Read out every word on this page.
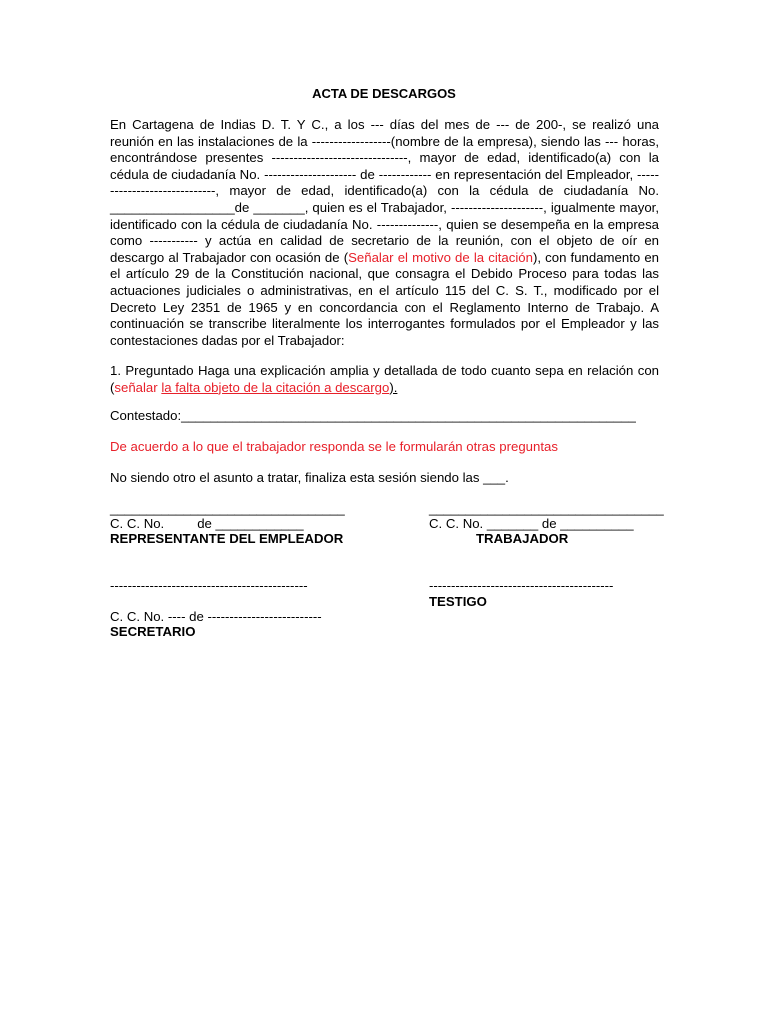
ACTA DE DESCARGOS
En Cartagena de Indias D. T. Y C., a los --- días del mes de --- de 200-, se realizó una reunión en las instalaciones de la ------------------(nombre de la empresa), siendo las --- horas, encontrándose presentes -------------------------------, mayor de edad, identificado(a) con la cédula de ciudadanía No. --------------------- de ------------ en representación del Empleador, -----------------------------, mayor de edad, identificado(a) con la cédula de ciudadanía No. _________________de _______, quien es el Trabajador, ---------------------, igualmente mayor, identificado con la cédula de ciudadanía No. --------------, quien se desempeña en la empresa como ----------- y actúa en calidad de secretario de la reunión, con el objeto de oír en descargo al Trabajador con ocasión de (Señalar el motivo de la citación), con fundamento en el artículo 29 de la Constitución nacional, que consagra el Debido Proceso para todas las actuaciones judiciales o administrativas, en el artículo 115 del C. S. T., modificado por el Decreto Ley 2351 de 1965 y en concordancia con el Reglamento Interno de Trabajo. A continuación se transcribe literalmente los interrogantes formulados por el Empleador y las contestaciones dadas por el Trabajador:
1. Preguntado Haga una explicación amplia y detallada de todo cuanto sepa en relación con (señalar la falta objeto de la citación a descargo).
Contestado:______________________________________________________________
De acuerdo a lo que el trabajador responda se le formularán otras preguntas
No siendo otro el asunto a tratar, finaliza esta sesión siendo las ___.
________________________________
C. C. No.         de ____________
REPRESENTANTE DEL EMPLEADOR
________________________________
C. C. No. _______ de __________
TRABAJADOR
---------------------------------------------
C. C. No. ---- de --------------------------
SECRETARIO
------------------------------------------
TESTIGO
